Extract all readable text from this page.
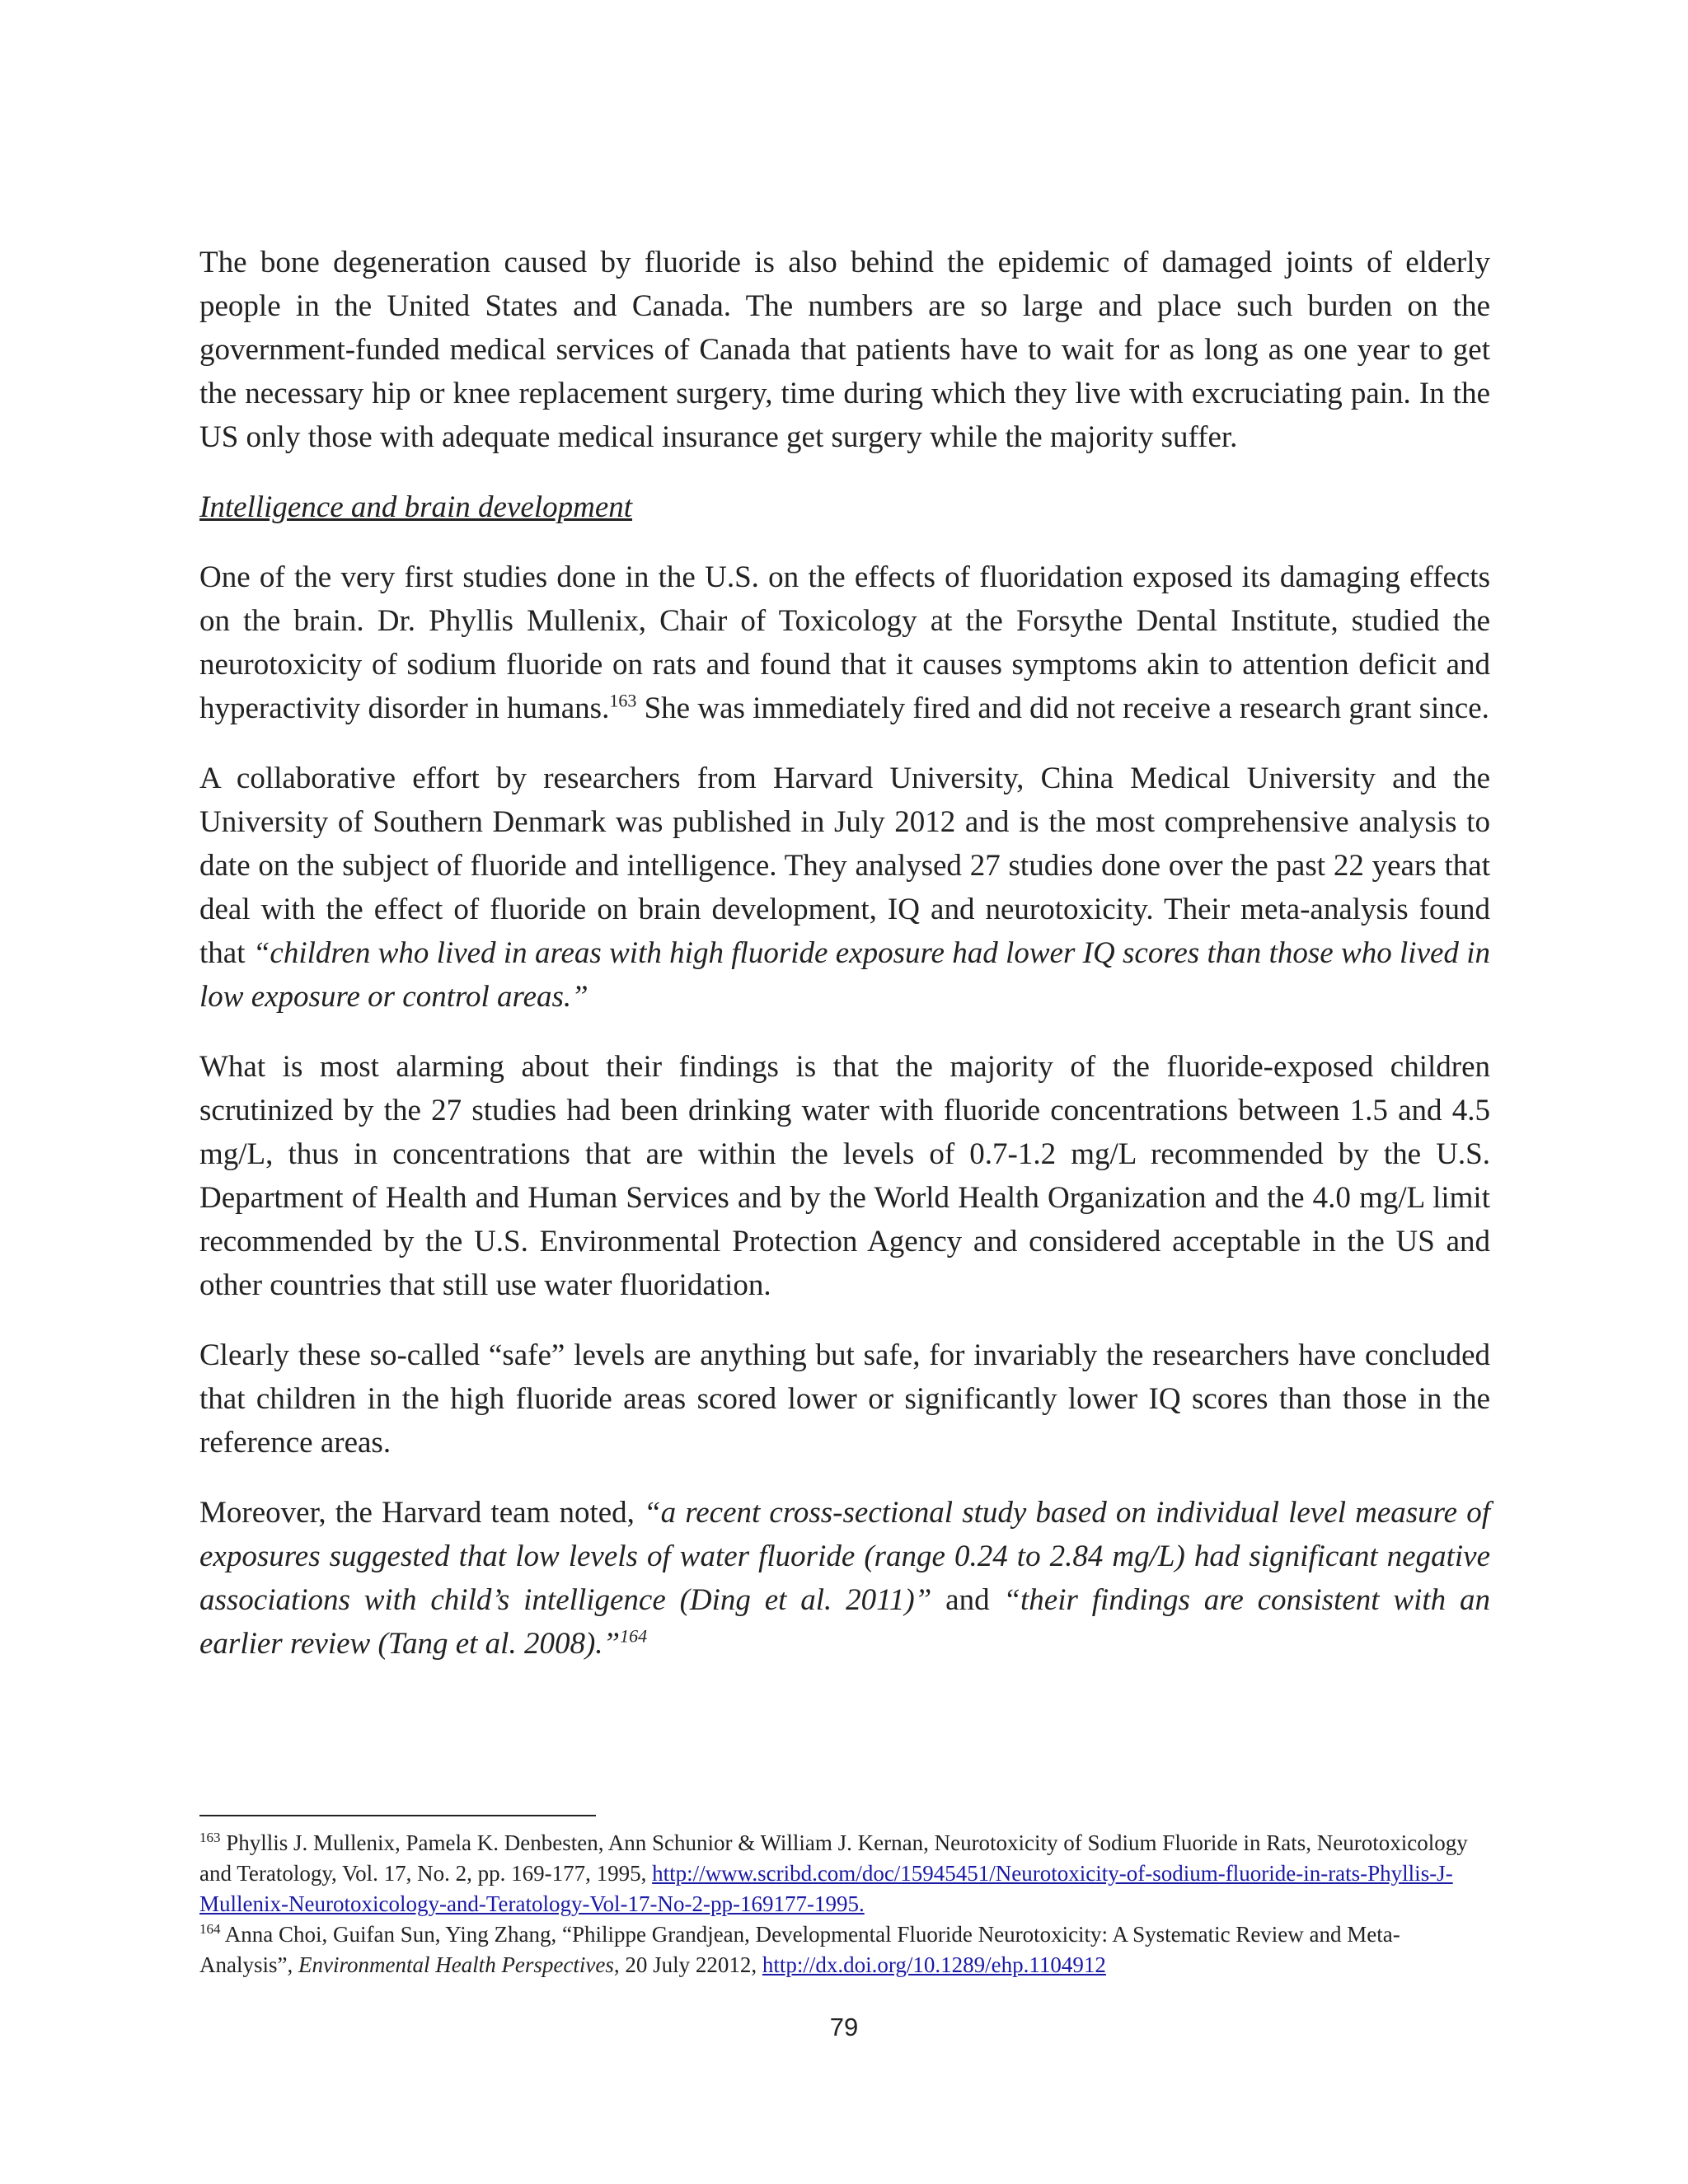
The bone degeneration caused by fluoride is also behind the epidemic of damaged joints of elderly people in the United States and Canada. The numbers are so large and place such burden on the government-funded medical services of Canada that patients have to wait for as long as one year to get the necessary hip or knee replacement surgery, time during which they live with excruciating pain. In the US only those with adequate medical insurance get surgery while the majority suffer.

Intelligence and brain development

One of the very first studies done in the U.S. on the effects of fluoridation exposed its damaging effects on the brain. Dr. Phyllis Mullenix, Chair of Toxicology at the Forsythe Dental Institute, studied the neurotoxicity of sodium fluoride on rats and found that it causes symptoms akin to attention deficit and hyperactivity disorder in humans.$^{163}$ She was immediately fired and did not receive a research grant since.

A collaborative effort by researchers from Harvard University, China Medical University and the University of Southern Denmark was published in July 2012 and is the most comprehensive analysis to date on the subject of fluoride and intelligence. They analysed 27 studies done over the past 22 years that deal with the effect of fluoride on brain development, IQ and neurotoxicity. Their meta-analysis found that “children who lived in areas with high fluoride exposure had lower IQ scores than those who lived in low exposure or control areas.”

What is most alarming about their findings is that the majority of the fluoride-exposed children scrutinized by the 27 studies had been drinking water with fluoride concentrations between 1.5 and 4.5 mg/L, thus in concentrations that are within the levels of 0.7-1.2 mg/L recommended by the U.S. Department of Health and Human Services and by the World Health Organization and the 4.0 mg/L limit recommended by the U.S. Environmental Protection Agency and considered acceptable in the US and other countries that still use water fluoridation.

Clearly these so-called “safe” levels are anything but safe, for invariably the researchers have concluded that children in the high fluoride areas scored lower or significantly lower IQ scores than those in the reference areas.

Moreover, the Harvard team noted, “a recent cross-sectional study based on individual level measure of exposures suggested that low levels of water fluoride (range 0.24 to 2.84 mg/L) had significant negative associations with child’s intelligence (Ding et al. 2011)” and “their findings are consistent with an earlier review (Tang et al. 2008).”$^{164}$

$^{163}$ Phyllis J. Mullenix, Pamela K. Denbesten, Ann Schunior & William J. Kernan, Neurotoxicity of Sodium Fluoride in Rats, Neurotoxicology and Teratology, Vol. 17, No. 2, pp. 169-177, 1995, http://www.scribd.com/doc/15945451/Neurotoxicity-of-sodium-fluoride-in-rats-Phyllis-J-Mullenix-Neurotoxicology-and-Teratology-Vol-17-No-2-pp-169177-1995.

$^{164}$ Anna Choi, Guifan Sun, Ying Zhang, “Philippe Grandjean, Developmental Fluoride Neurotoxicity: A Systematic Review and Meta-Analysis”, Environmental Health Perspectives, 20 July 22012, http://dx.doi.org/10.1289/ehp.1104912

79
